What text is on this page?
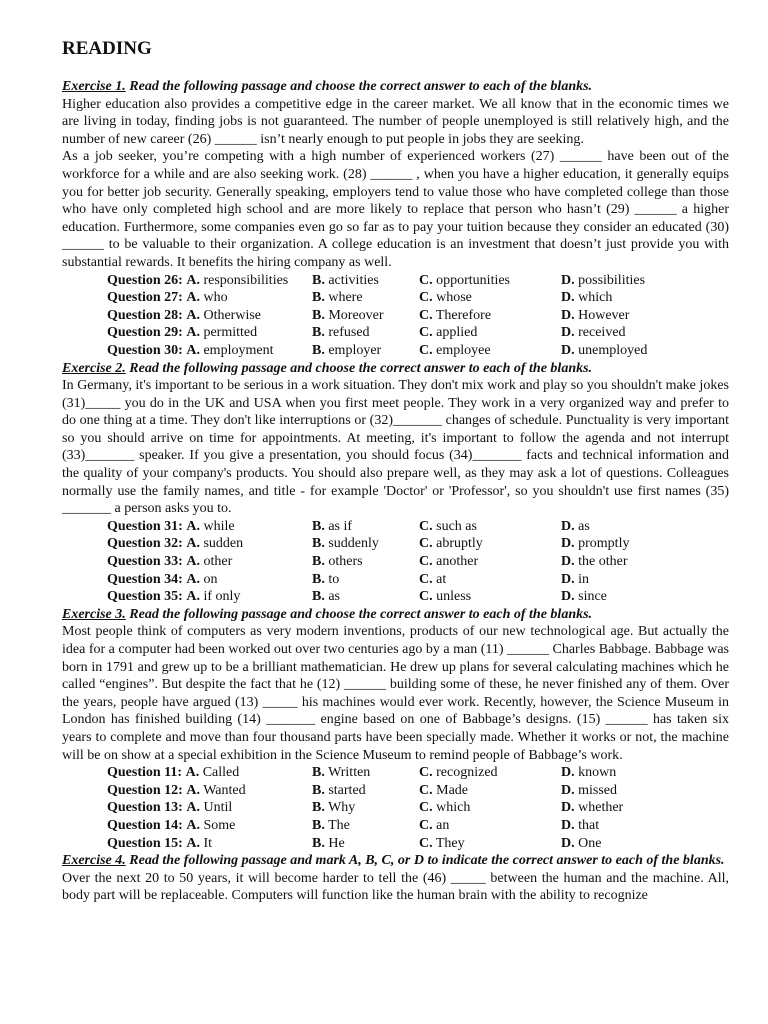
READING
Exercise 1. Read the following passage and choose the correct answer to each of the blanks.

Higher education also provides a competitive edge in the career market. We all know that in the economic times we are living in today, finding jobs is not guaranteed. The number of people unemployed is still relatively high, and the number of new career (26) ______ isn’t nearly enough to put people in jobs they are seeking.

As a job seeker, you’re competing with a high number of experienced workers (27) ______ have been out of the workforce for a while and are also seeking work. (28) ______ , when you have a higher education, it generally equips you for better job security. Generally speaking, employers tend to value those who have completed college than those who have only completed high school and are more likely to replace that person who hasn’t (29) ______ a higher education. Furthermore, some companies even go so far as to pay your tuition because they consider an educated (30) ______ to be valuable to their organization. A college education is an investment that doesn’t just provide you with substantial rewards. It benefits the hiring company as well.

Question 26: A. responsibilities	B. activities	C. opportunities	D. possibilities
Question 27: A. who	B. where	C. whose	D. which
Question 28: A. Otherwise	B. Moreover	C. Therefore	D. However
Question 29: A. permitted	B. refused	C. applied	D. received
Question 30: A. employment	B. employer	C. employee	D. unemployed
Exercise 2. Read the following passage and choose the correct answer to each of the blanks.

In Germany, it's important to be serious in a work situation. They don't mix work and play so you shouldn't make jokes (31)_____ you do in the UK and USA when you first meet people. They work in a very organized way and prefer to do one thing at a time. They don't like interruptions or (32)_______ changes of schedule. Punctuality is very important so you should arrive on time for appointments. At meeting, it's important to follow the agenda and not interrupt (33)_______ speaker. If you give a presentation, you should focus (34)_______ facts and technical information and the quality of your company's products. You should also prepare well, as they may ask a lot of questions. Colleagues normally use the family names, and title - for example 'Doctor' or 'Professor', so you shouldn't use first names (35) _______ a person asks you to.

Question 31: A. while	B. as if	C. such as	D. as
Question 32: A. sudden	B. suddenly	C. abruptly	D. promptly
Question 33: A. other	B. others	C. another	D. the other
Question 34: A. on	B. to	C. at	D. in
Question 35: A. if only	B. as	C. unless	D. since
Exercise 3. Read the following passage and choose the correct answer to each of the blanks.

Most people think of computers as very modern inventions, products of our new technological age. But actually the idea for a computer had been worked out over two centuries ago by a man (11) ______ Charles Babbage. Babbage was born in 1791 and grew up to be a brilliant mathematician. He drew up plans for several calculating machines which he called “engines”. But despite the fact that he (12) ______ building some of these, he never finished any of them. Over the years, people have argued (13) _____ his machines would ever work. Recently, however, the Science Museum in London has finished building (14) _______ engine based on one of Babbage’s designs. (15) ______ has taken six years to complete and move than four thousand parts have been specially made. Whether it works or not, the machine will be on show at a special exhibition in the Science Museum to remind people of Babbage’s work.

Question 11: A. Called	B. Written	C. recognized	D. known
Question 12: A. Wanted	B. started	C. Made	D. missed
Question 13: A. Until	B. Why	C. which	D. whether
Question 14: A. Some	B. The	C. an	D. that
Question 15: A. It	B. He	C. They	D. One
Exercise 4. Read the following passage and mark A, B, C, or D to indicate the correct answer to each of the blanks.

Over the next 20 to 50 years, it will become harder to tell the (46) _____ between the human and the machine. All, body part will be replaceable. Computers will function like the human brain with the ability to recognize
